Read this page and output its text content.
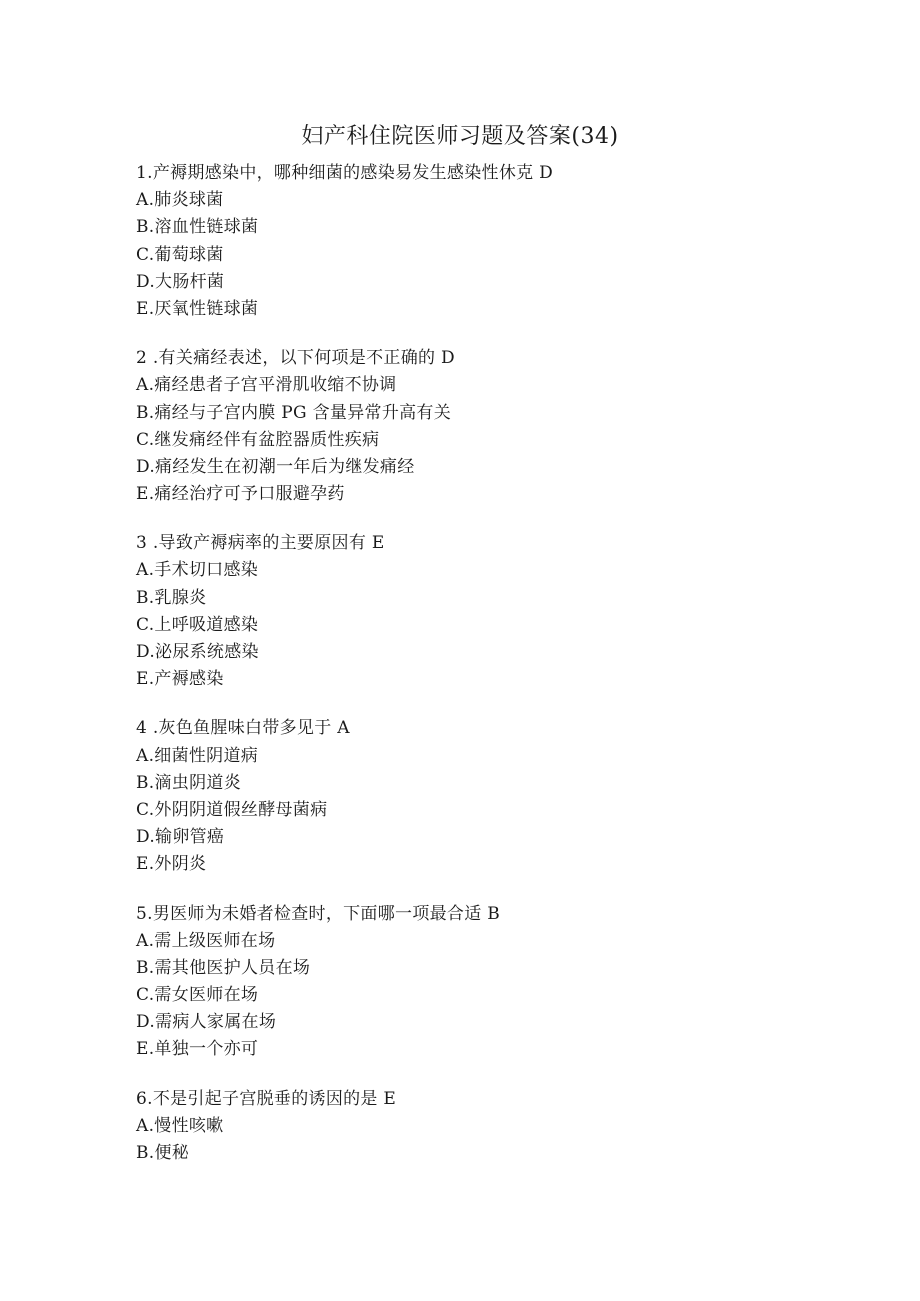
妇产科住院医师习题及答案(34)
1.产褥期感染中，哪种细菌的感染易发生感染性休克 D
A.肺炎球菌
B.溶血性链球菌
C.葡萄球菌
D.大肠杆菌
E.厌氧性链球菌
2 .有关痛经表述，以下何项是不正确的 D
A.痛经患者子宫平滑肌收缩不协调
B.痛经与子宫内膜 PG 含量异常升高有关
C.继发痛经伴有盆腔器质性疾病
D.痛经发生在初潮一年后为继发痛经
E.痛经治疗可予口服避孕药
3 .导致产褥病率的主要原因有 E
A.手术切口感染
B.乳腺炎
C.上呼吸道感染
D.泌尿系统感染
E.产褥感染
4 .灰色鱼腥味白带多见于 A
A.细菌性阴道病
B.滴虫阴道炎
C.外阴阴道假丝酵母菌病
D.输卵管癌
E.外阴炎
5.男医师为未婚者检查时，下面哪一项最合适 B
A.需上级医师在场
B.需其他医护人员在场
C.需女医师在场
D.需病人家属在场
E.单独一个亦可
6.不是引起子宫脱垂的诱因的是 E
A.慢性咳嗽
B.便秘
